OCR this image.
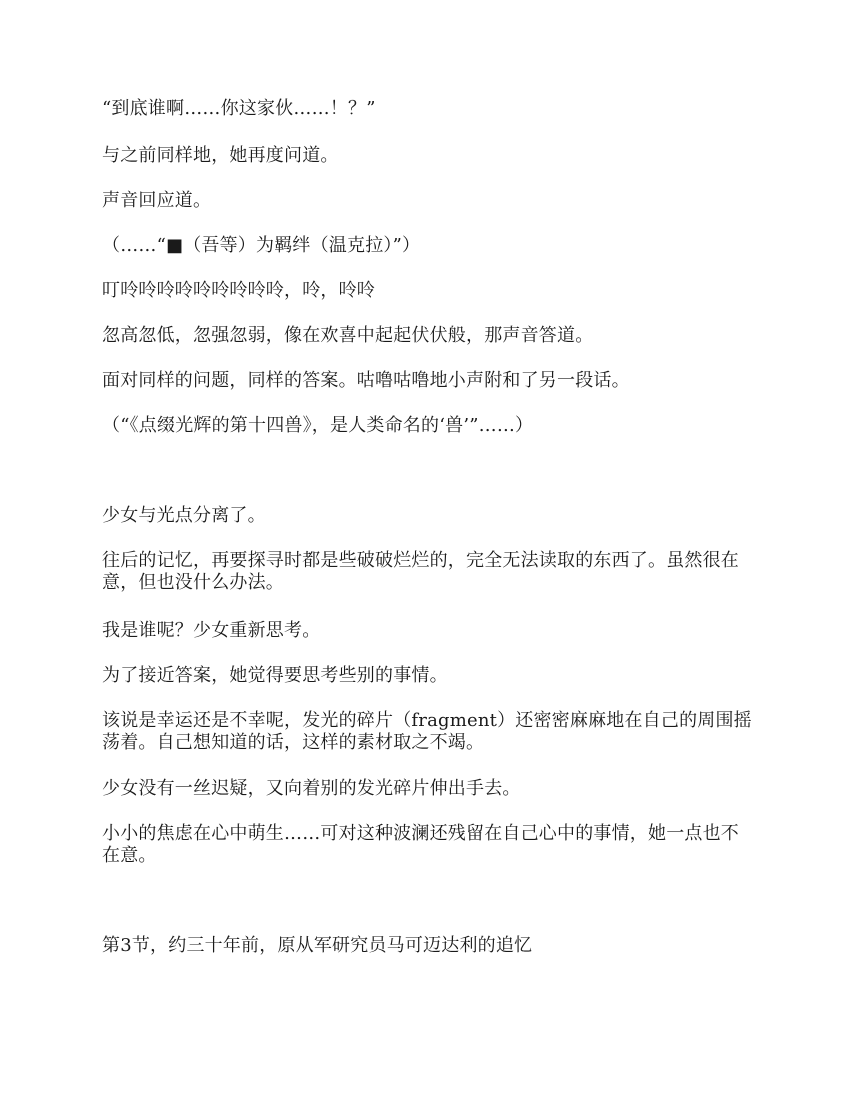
“到底谁啊……你这家伙……！？”

与之前同样地，她再度问道。

声音回应道。

（……“■（吾等）为羁绊（温克拉）”）

叮呤呤呤呤呤呤呤呤呤，呤，呤呤

忽高忽低，忽强忽弱，像在欢喜中起起伏伏般，那声音答道。

面对同样的问题，同样的答案。咕噜咕噜地小声附和了另一段话。

（“《点缀光辉的第十四兽》，是人类命名的‘兽’”……）

少女与光点分离了。

往后的记忆，再要探寻时都是些破破烂烂的，完全无法读取的东西了。虽然很在意，但也没什么办法。

我是谁呢？少女重新思考。

为了接近答案，她觉得要思考些别的事情。

该说是幸运还是不幸呢，发光的碎片（fragment）还密密麻麻地在自己的周围摇荡着。自己想知道的话，这样的素材取之不竭。

少女没有一丝迟疑，又向着别的发光碎片伸出手去。

小小的焦虑在心中萌生……可对这种波澜还残留在自己心中的事情，她一点也不在意。

第3节，约三十年前，原从军研究员马可迈达利的追忆
